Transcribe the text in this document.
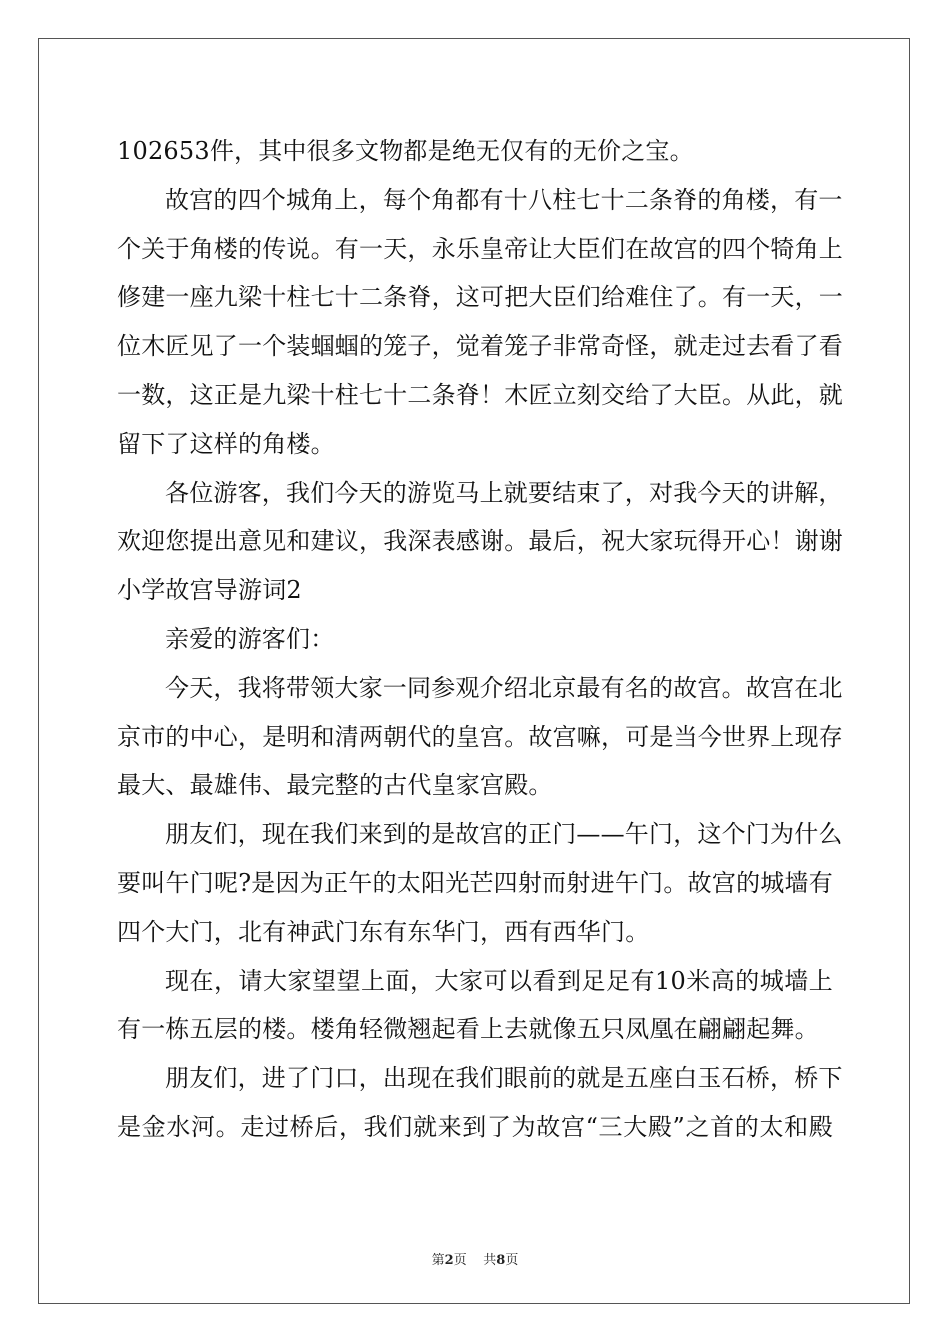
102653件，其中很多文物都是绝无仅有的无价之宝。

故宫的四个城角上，每个角都有十八柱七十二条脊的角楼，有一

个关于角楼的传说。有一天，永乐皇帝让大臣们在故宫的四个犄角上

修建一座九梁十柱七十二条脊，这可把大臣们给难住了。有一天，一

位木匠见了一个装蝈蝈的笼子，觉着笼子非常奇怪，就走过去看了看

一数，这正是九梁十柱七十二条脊！木匠立刻交给了大臣。从此，就

留下了这样的角楼。

各位游客，我们今天的游览马上就要结束了，对我今天的讲解，

欢迎您提出意见和建议，我深表感谢。最后，祝大家玩得开心！谢谢

小学故宫导游词2

亲爱的游客们：

今天，我将带领大家一同参观介绍北京最有名的故宫。故宫在北

京市的中心，是明和清两朝代的皇宫。故宫嘛，可是当今世界上现存

最大、最雄伟、最完整的古代皇家宫殿。

朋友们，现在我们来到的是故宫的正门——午门，这个门为什么

要叫午门呢?是因为正午的太阳光芒四射而射进午门。故宫的城墙有

四个大门，北有神武门东有东华门，西有西华门。

现在，请大家望望上面，大家可以看到足足有10米高的城墙上

有一栋五层的楼。楼角轻微翘起看上去就像五只凤凰在翩翩起舞。

朋友们，进了门口，出现在我们眼前的就是五座白玉石桥，桥下

是金水河。走过桥后，我们就来到了为故宫“三大殿”之首的太和殿

第2页 共8页
